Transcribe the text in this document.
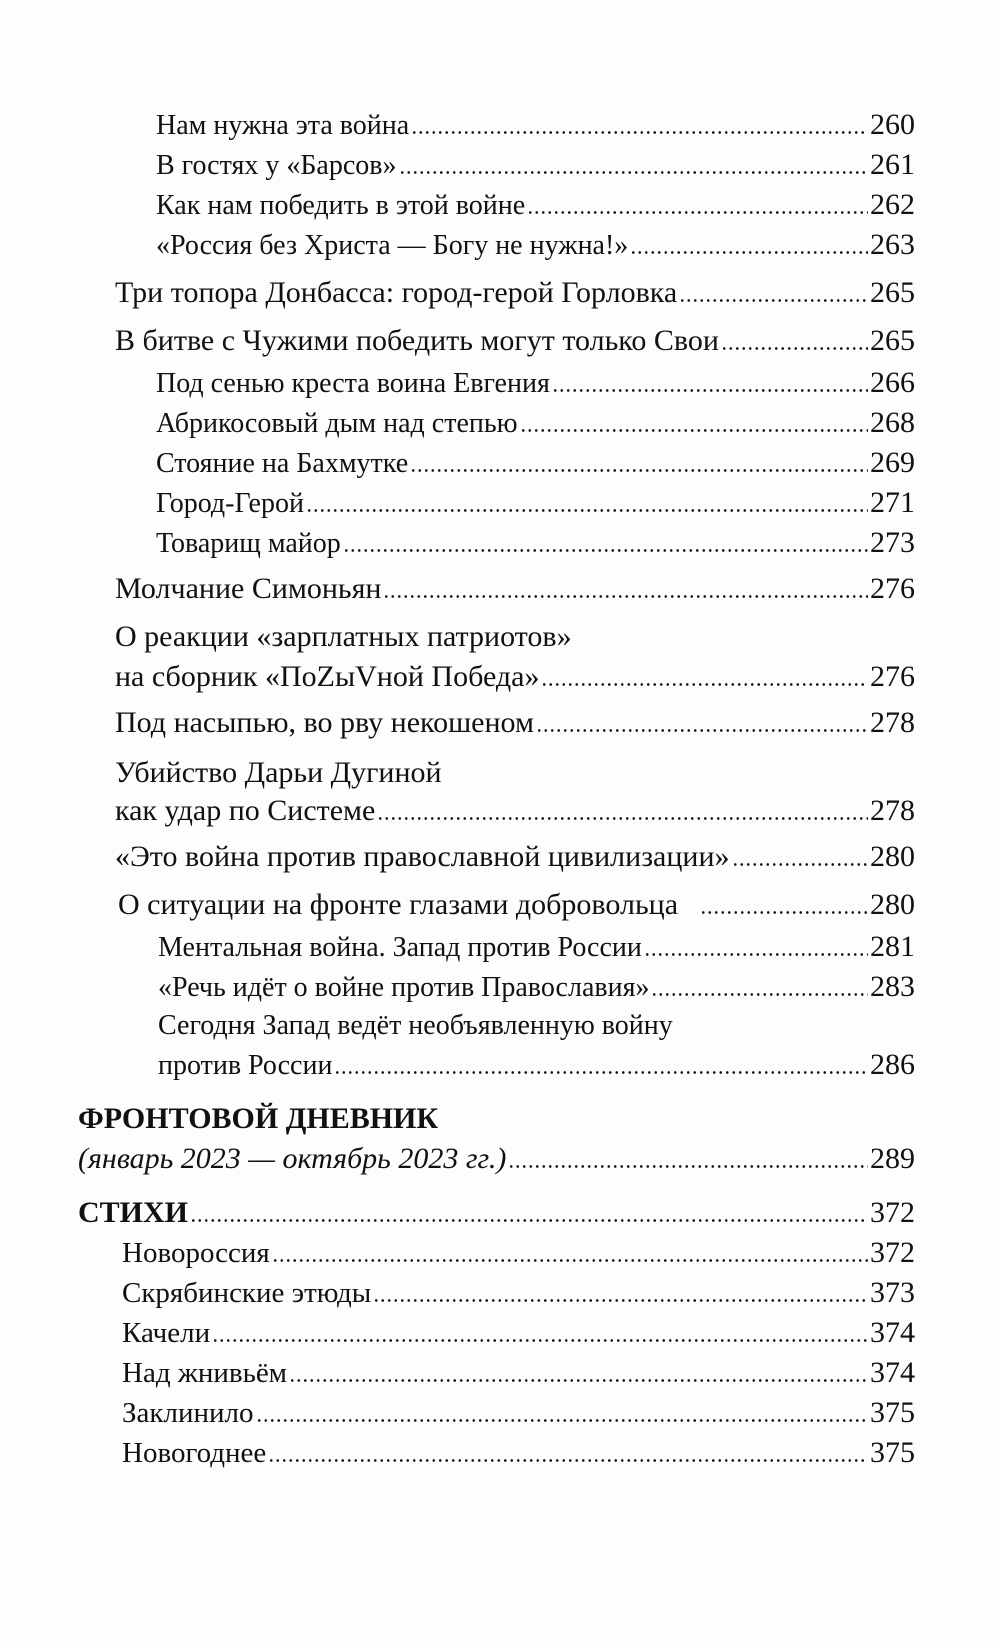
Нам нужна эта война	260
В гостях у «Барсов»	261
Как нам победить в этой войне	262
«Россия без Христа — Богу не нужна!»	263
Три топора Донбасса: город-герой Горловка	265
В битве с Чужими победить могут только Свои	265
Под сенью креста воина Евгения	266
Абрикосовый дым над степью	268
Стояние на Бахмутке	269
Город-Герой	271
Товарищ майор	273
Молчание Симоньян	276
О реакции «зарплатных патриотов»
на сборник «ПоZыVной Победа»	276
Под насыпью, во рву некошеном	278
Убийство Дарьи Дугиной
как удар по Системе	278
«Это война против православной цивилизации»	280
О ситуации на фронте глазами добровольца	280
Ментальная война. Запад против России	281
«Речь идёт о войне против Православия»	283
Сегодня Запад ведёт необъявленную войну
против России	286
ФРОНТОВОЙ ДНЕВНИК
(январь 2023 — октябрь 2023 гг.)	289
СТИХИ	372
Новороссия	372
Скрябинские этюды	373
Качели	374
Над жнивьём	374
Заклинило	375
Новогоднее	375
